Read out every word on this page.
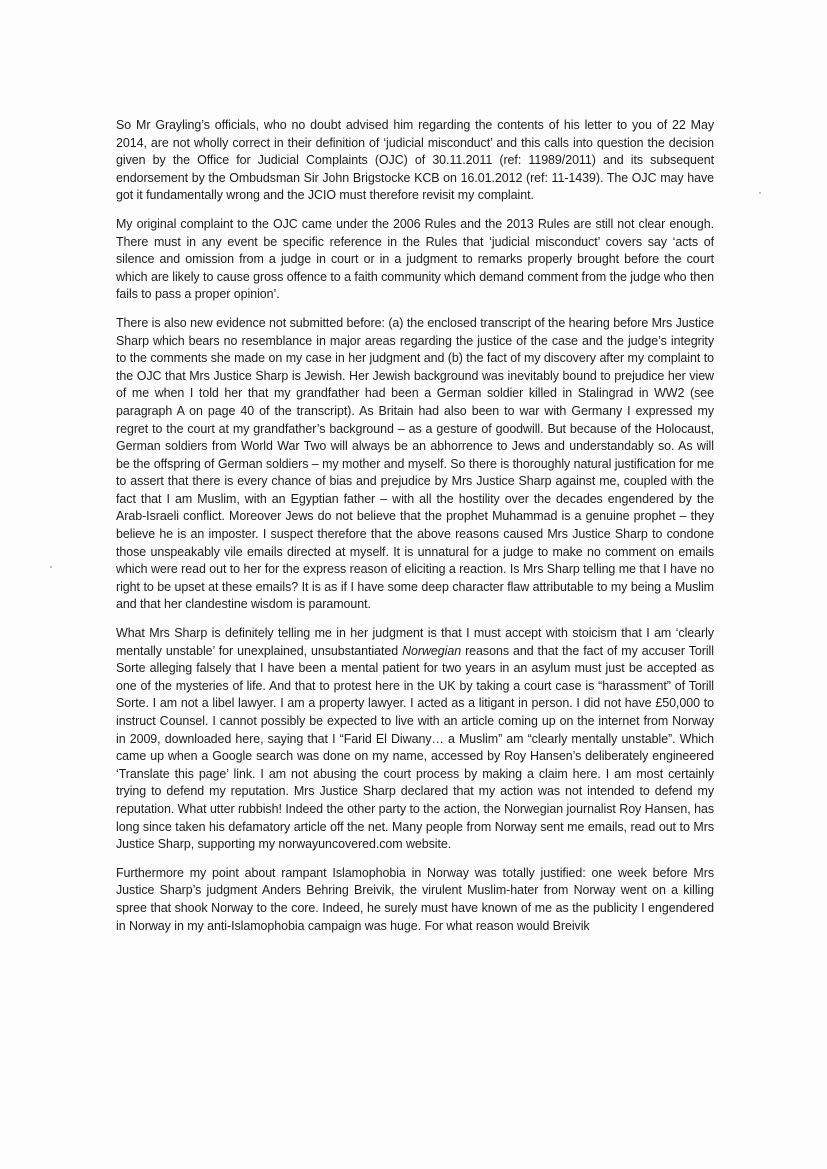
So Mr Grayling’s officials, who no doubt advised him regarding the contents of his letter to you of 22 May 2014, are not wholly correct in their definition of ‘judicial misconduct’ and this calls into question the decision given by the Office for Judicial Complaints (OJC) of 30.11.2011 (ref: 11989/2011) and its subsequent endorsement by the Ombudsman Sir John Brigstocke KCB on 16.01.2012 (ref: 11-1439). The OJC may have got it fundamentally wrong and the JCIO must therefore revisit my complaint.

My original complaint to the OJC came under the 2006 Rules and the 2013 Rules are still not clear enough. There must in any event be specific reference in the Rules that ‘judicial misconduct’ covers say ‘acts of silence and omission from a judge in court or in a judgment to remarks properly brought before the court which are likely to cause gross offence to a faith community which demand comment from the judge who then fails to pass a proper opinion’.

There is also new evidence not submitted before: (a) the enclosed transcript of the hearing before Mrs Justice Sharp which bears no resemblance in major areas regarding the justice of the case and the judge’s integrity to the comments she made on my case in her judgment and (b) the fact of my discovery after my complaint to the OJC that Mrs Justice Sharp is Jewish. Her Jewish background was inevitably bound to prejudice her view of me when I told her that my grandfather had been a German soldier killed in Stalingrad in WW2 (see paragraph A on page 40 of the transcript). As Britain had also been to war with Germany I expressed my regret to the court at my grandfather’s background – as a gesture of goodwill. But because of the Holocaust, German soldiers from World War Two will always be an abhorrence to Jews and understandably so. As will be the offspring of German soldiers – my mother and myself. So there is thoroughly natural justification for me to assert that there is every chance of bias and prejudice by Mrs Justice Sharp against me, coupled with the fact that I am Muslim, with an Egyptian father – with all the hostility over the decades engendered by the Arab-Israeli conflict. Moreover Jews do not believe that the prophet Muhammad is a genuine prophet – they believe he is an imposter. I suspect therefore that the above reasons caused Mrs Justice Sharp to condone those unspeakably vile emails directed at myself. It is unnatural for a judge to make no comment on emails which were read out to her for the express reason of eliciting a reaction. Is Mrs Sharp telling me that I have no right to be upset at these emails? It is as if I have some deep character flaw attributable to my being a Muslim and that her clandestine wisdom is paramount.

What Mrs Sharp is definitely telling me in her judgment is that I must accept with stoicism that I am ‘clearly mentally unstable’ for unexplained, unsubstantiated Norwegian reasons and that the fact of my accuser Torill Sorte alleging falsely that I have been a mental patient for two years in an asylum must just be accepted as one of the mysteries of life. And that to protest here in the UK by taking a court case is “harassment” of Torill Sorte. I am not a libel lawyer. I am a property lawyer. I acted as a litigant in person. I did not have £50,000 to instruct Counsel. I cannot possibly be expected to live with an article coming up on the internet from Norway in 2009, downloaded here, saying that I “Farid El Diwany… a Muslim” am “clearly mentally unstable”. Which came up when a Google search was done on my name, accessed by Roy Hansen’s deliberately engineered ‘Translate this page’ link. I am not abusing the court process by making a claim here. I am most certainly trying to defend my reputation. Mrs Justice Sharp declared that my action was not intended to defend my reputation. What utter rubbish! Indeed the other party to the action, the Norwegian journalist Roy Hansen, has long since taken his defamatory article off the net. Many people from Norway sent me emails, read out to Mrs Justice Sharp, supporting my norwayuncovered.com website.

Furthermore my point about rampant Islamophobia in Norway was totally justified: one week before Mrs Justice Sharp’s judgment Anders Behring Breivik, the virulent Muslim-hater from Norway went on a killing spree that shook Norway to the core. Indeed, he surely must have known of me as the publicity I engendered in Norway in my anti-Islamophobia campaign was huge. For what reason would Breivik
